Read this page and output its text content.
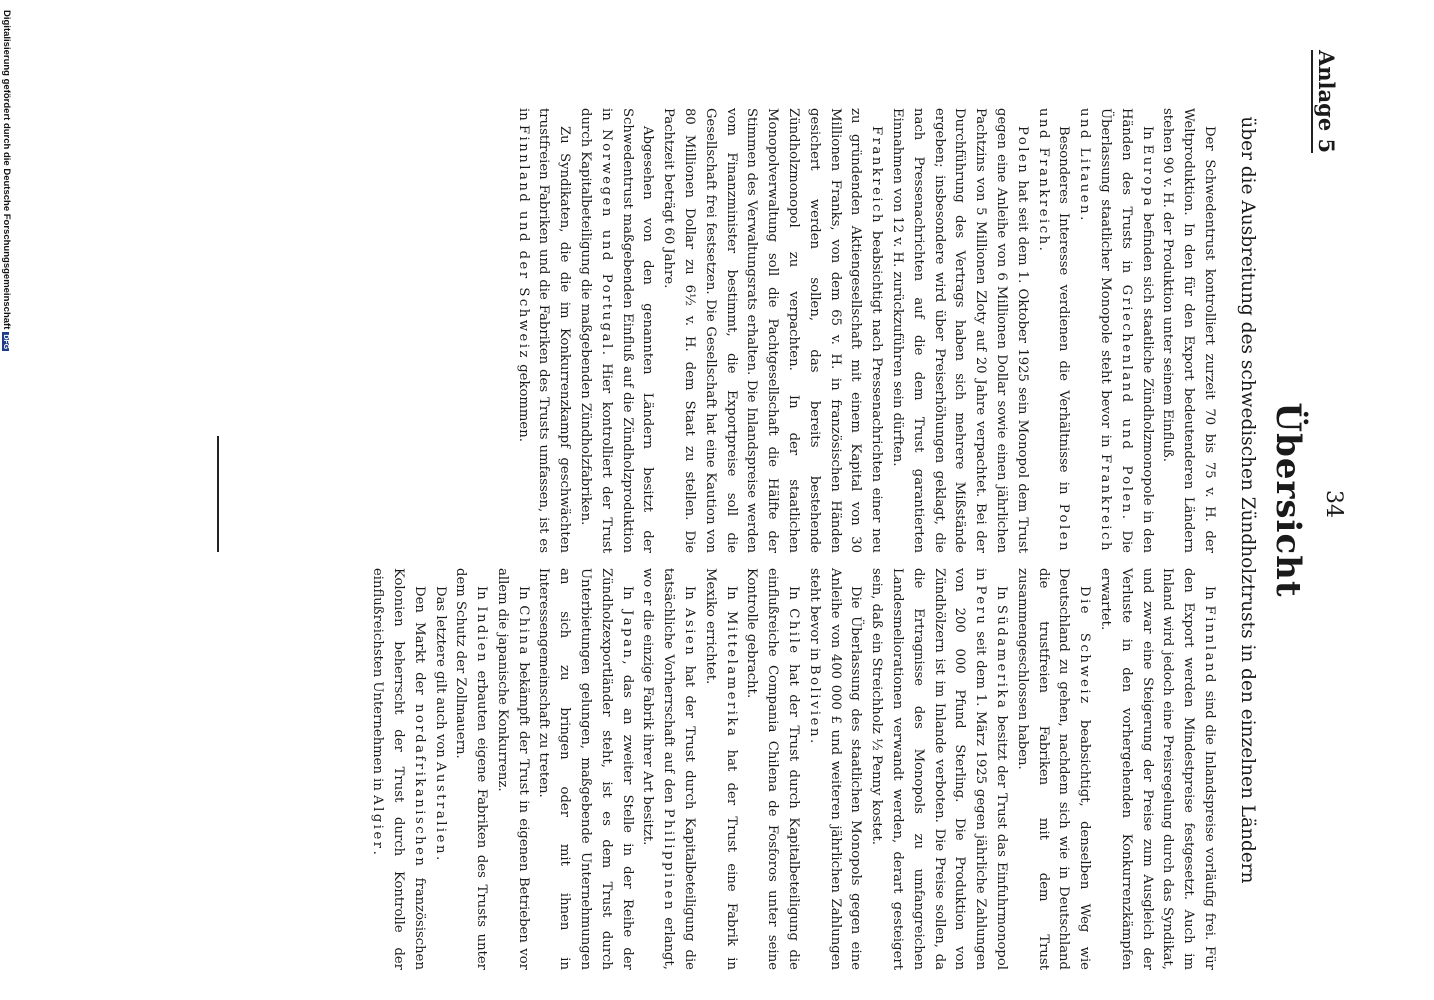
Anlage 5
34
Übersicht
über die Ausbreitung des schwedischen Zündholztrusts in den einzelnen Ländern

Der Schwedentrust kontrolliert zurzeit 70 bis 75 v. H. der Weltproduktion. In den für den Export bedeutenderen Ländern stehen 90 v. H. der Produktion unter seinem Einfluß.

In Europa befinden sich staatliche Zündholzmonopole in den Händen des Trusts in Griechenland und Polen. Die Überlassung staatlicher Monopole steht bevor in Frankreich und Litauen.

Besonderes Interesse verdienen die Verhältnisse in Polen und Frankreich.

Polen hat seit dem 1. Oktober 1925 sein Monopol dem Trust gegen eine Anleihe von 6 Millionen Dollar sowie einen jährlichen Pachtzins von 5 Millionen Zloty auf 20 Jahre verpachtet. Bei der Durchführung des Vertrags haben sich mehrere Mißstände ergeben; insbesondere wird über Preiserhöhungen geklagt, die nach Pressenachrichten auf die dem Trust garantierten Einnahmen von 12 v. H. zurückzuführen sein dürften.

Frankreich beabsichtigt nach Pressenachrichten einer neu zu gründenden Aktiengesellschaft mit einem Kapital von 30 Millionen Franks, von dem 65 v. H. in französischen Händen gesichert werden sollen, das bereits bestehende Zündholzmonopol zu verpachten. In der staatlichen Monopolverwaltung soll die Pachtgesellschaft die Hälfte der Stimmen des Verwaltungsrats erhalten. Die Inlandspreise werden vom Finanzminister bestimmt, die Exportpreise soll die Gesellschaft frei festsetzen. Die Gesellschaft hat eine Kaution von 80 Millionen Dollar zu 6½ v. H. dem Staat zu stellen. Die Pachtzeit beträgt 60 Jahre.

Abgesehen von den genannten Ländern besitzt der Schwedentrust maßgebenden Einfluß auf die Zündholzproduktion in Norwegen und Portugal. Hier kontrolliert der Trust durch Kapitalbeteiligung die maßgebenden Zündholzfabriken.

Zu Syndikaten, die die im Konkurrenzkampf geschwächten trustfreien Fabriken und die Fabriken des Trusts umfassen, ist es in Finnland und der Schweiz gekommen.

In Finnland sind die Inlandspreise vorläufig frei. Für den Export werden Mindestpreise festgesetzt. Auch im Inland wird jedoch eine Preisregelung durch das Syndikat, und zwar eine Steigerung der Preise zum Ausgleich der Verluste in den vorhergehenden Konkurrenzkämpfen erwartet.

Die Schweiz beabsichtigt, denselben Weg wie Deutschland zu gehen, nachdem sich wie in Deutschland die trustfreien Fabriken mit dem Trust zusammengeschlossen haben.

In Südamerika besitzt der Trust das Einfuhrmonopol in Peru seit dem 1. März 1925 gegen jährliche Zahlungen von 200 000 Pfund Sterling. Die Produktion von Zündhölzern ist im Inlande verboten. Die Preise sollen, da die Ertragnisse des Monopols zu umfangreichen Landesmeliorationen verwandt werden, derart gesteigert sein, daß ein Streichholz ½ Penny kostet.

Die Überlassung des staatlichen Monopols gegen eine Anleihe von 400 000 £ und weiteren jährlichen Zahlungen steht bevor in Bolivien.

In Chile hat der Trust durch Kapitalbeteiligung die einflußreiche Compania Chilena de Fosforos unter seine Kontrolle gebracht.

In Mittelamerika hat der Trust eine Fabrik in Mexiko errichtet.

In Asien hat der Trust durch Kapitalbeteiligung die tatsächliche Vorherrschaft auf den Philippinen erlangt, wo er die einzige Fabrik ihrer Art besitzt.

In Japan, das an zweiter Stelle in der Reihe der Zündholzexportländer steht, ist es dem Trust durch Unterbietungen gelungen, maßgebende Unternehmungen an sich zu bringen oder mit ihnen in Interessengemeinschaft zu treten.

In China bekämpft der Trust in eigenen Betrieben vor allem die japanische Konkurrenz.

In Indien erbauten eigene Fabriken des Trusts unter dem Schutz der Zollmauern.

Das letztere gilt auch von Australien.

Den Markt der nordafrikanischen französischen Kolonien beherrscht der Trust durch Kontrolle der einflußreichsten Unternehmen in Algier.

Digitalisierung gefördert durch die Deutsche ForschungsgemeinschaftDFG
